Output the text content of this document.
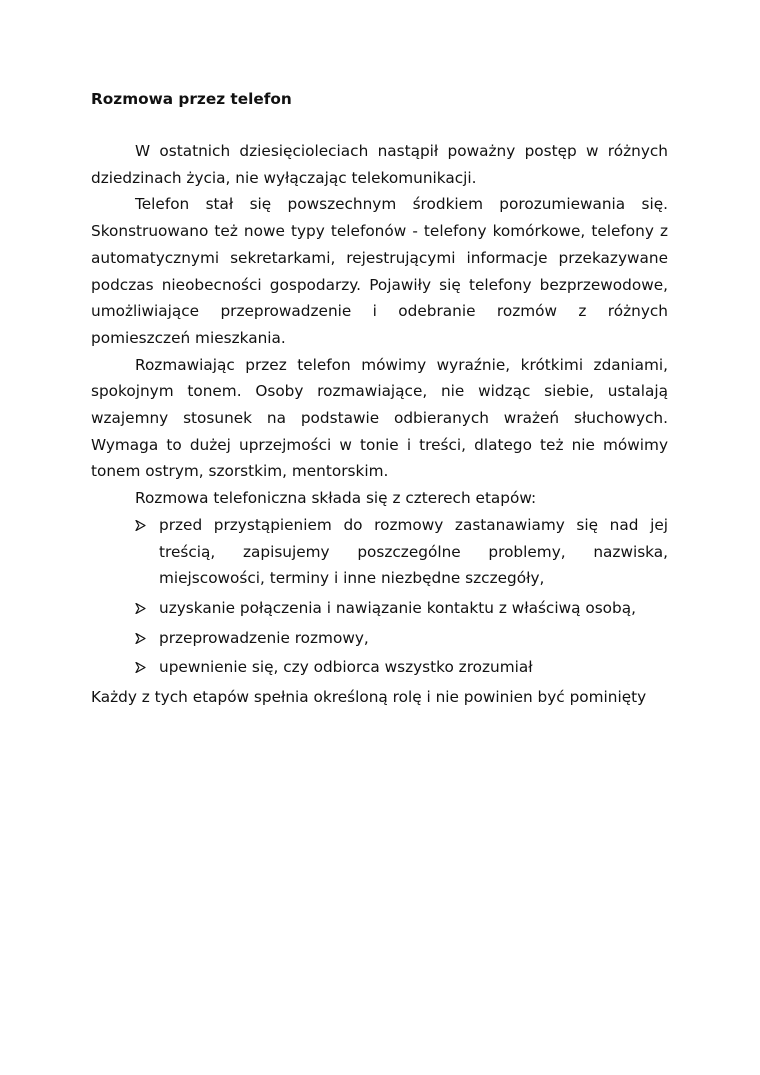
Rozmowa przez telefon

W ostatnich dziesięcioleciach nastąpił poważny postęp w różnych dziedzinach życia, nie wyłączając telekomunikacji.

Telefon stał się powszechnym środkiem porozumiewania się. Skonstruowano też nowe typy telefonów - telefony komórkowe, telefony z automatycznymi sekretarkami, rejestrującymi informacje przekazywane podczas nieobecności gospodarzy. Pojawiły się telefony bezprzewodowe, umożliwiające przeprowadzenie i odebranie rozmów z różnych pomieszczeń mieszkania.

Rozmawiając przez telefon mówimy wyraźnie, krótkimi zdaniami, spokojnym tonem. Osoby rozmawiające, nie widząc siebie, ustalają wzajemny stosunek na podstawie odbieranych wrażeń słuchowych. Wymaga to dużej uprzejmości w tonie i treści, dlatego też nie mówimy tonem ostrym, szorstkim, mentorskim.

Rozmowa telefoniczna składa się z czterech etapów:

przed przystąpieniem do rozmowy zastanawiamy się nad jej treścią, zapisujemy poszczególne problemy, nazwiska, miejscowości, terminy i inne niezbędne szczegóły,
uzyskanie połączenia i nawiązanie kontaktu z właściwą osobą,
przeprowadzenie rozmowy,
upewnienie się, czy odbiorca wszystko zrozumiał

Każdy z tych etapów spełnia określoną rolę i nie powinien być pominięty
